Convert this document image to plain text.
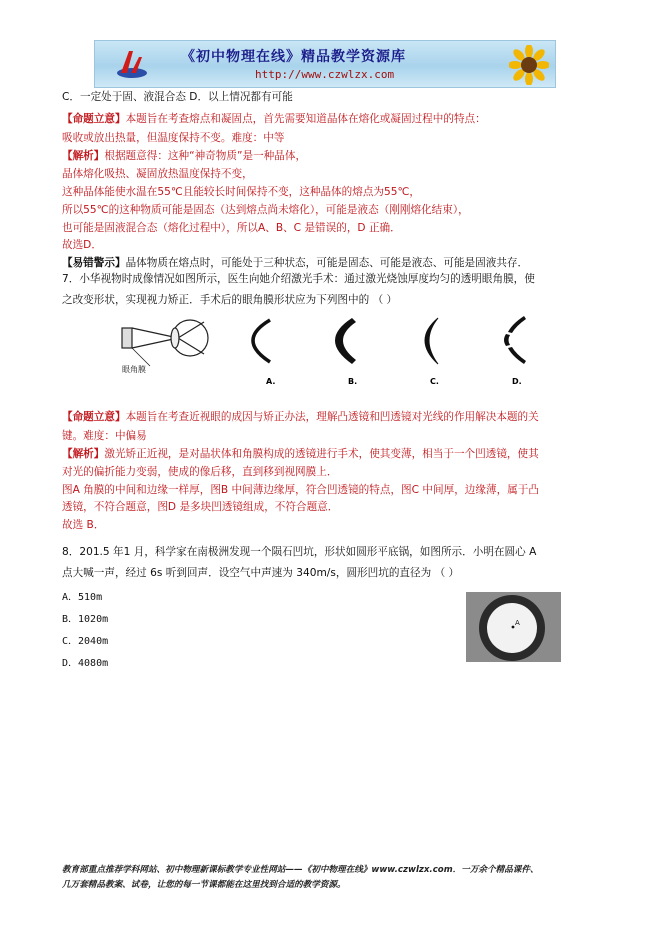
《初中物理在线》精品教学资源库
http://www.czwlzx.com
C．一定处于固、液混合态 D．以上情况都有可能
【命题立意】本题旨在考查熔点和凝固点，首先需要知道晶体在熔化或凝固过程中的特点：
吸收或放出热量，但温度保持不变。难度：中等
【解析】根据题意得：这种“神奇物质”是一种晶体，
晶体熔化吸热、凝固放热温度保持不变，
这种晶体能使水温在55℃且能较长时间保持不变，这种晶体的熔点为55℃，
所以55℃的这种物质可能是固态（达到熔点尚未熔化），可能是液态（刚刚熔化结束），
也可能是固液混合态（熔化过程中），所以A、B、C 是错误的，D 正确．
故选D．
【易错警示】晶体物质在熔点时，可能处于三种状态，可能是固态、可能是液态、可能是固液共存．
7．小华视物时成像情况如图所示，医生向她介绍激光手术：通过激光烧蚀厚度均匀的透明眼角膜，使
之改变形状，实现视力矫正．手术后的眼角膜形状应为下列图中的 （ ）
眼角膜
A.	B.	C.	D.
【命题立意】本题旨在考查近视眼的成因与矫正办法，理解凸透镜和凹透镜对光线的作用解决本题的关
键。难度：中偏易
【解析】激光矫正近视，是对晶状体和角膜构成的透镜进行手术，使其变薄，相当于一个凹透镜，使其
对光的偏折能力变弱，使成的像后移，直到移到视网膜上．
图A 角膜的中间和边缘一样厚，图B 中间薄边缘厚，符合凹透镜的特点，图C 中间厚，边缘薄，属于凸
透镜，不符合题意，图D 是多块凹透镜组成，不符合题意．
故选 B．
8．201.5 年1 月，科学家在南极洲发现一个陨石凹坑，形状如圆形平底锅，如图所示．小明在圆心 A
点大喊一声，经过 6s 听到回声．设空气中声速为 340m/s，圆形凹坑的直径为 （ ）
A．510m
B．1020m
C．2040m
D．4080m
A
教育部重点推荐学科网站、初中物理新课标教学专业性网站——《初中物理在线》www.czwlzx.com．一万余个精品课件、
几万套精品教案、试卷，让您的每一节课都能在这里找到合适的教学资源。
